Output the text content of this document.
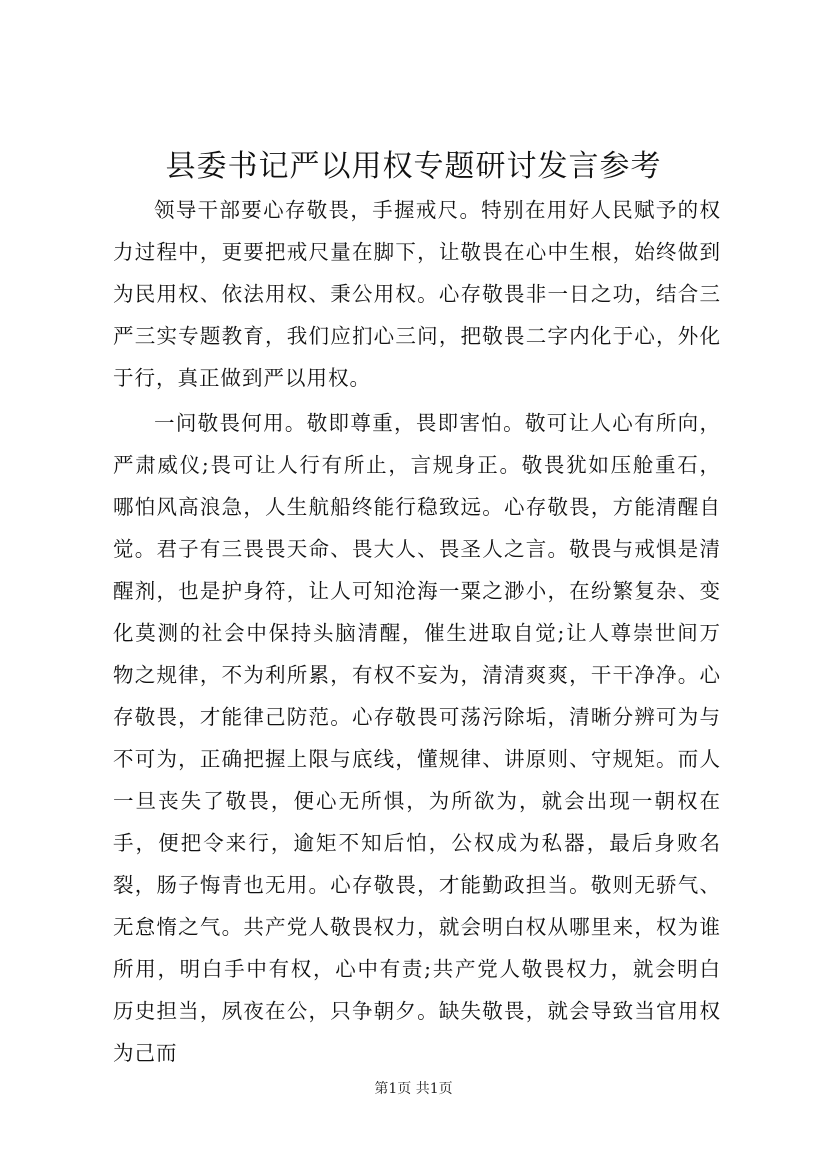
县委书记严以用权专题研讨发言参考

领导干部要心存敬畏，手握戒尺。特别在用好人民赋予的权力过程中，更要把戒尺量在脚下，让敬畏在心中生根，始终做到为民用权、依法用权、秉公用权。心存敬畏非一日之功，结合三严三实专题教育，我们应扪心三问，把敬畏二字内化于心，外化于行，真正做到严以用权。

一问敬畏何用。敬即尊重，畏即害怕。敬可让人心有所向，严肃威仪;畏可让人行有所止，言规身正。敬畏犹如压舱重石，哪怕风高浪急，人生航船终能行稳致远。心存敬畏，方能清醒自觉。君子有三畏畏天命、畏大人、畏圣人之言。敬畏与戒惧是清醒剂，也是护身符，让人可知沧海一粟之渺小，在纷繁复杂、变化莫测的社会中保持头脑清醒，催生进取自觉;让人尊崇世间万物之规律，不为利所累，有权不妄为，清清爽爽，干干净净。心存敬畏，才能律己防范。心存敬畏可荡污除垢，清晰分辨可为与不可为，正确把握上限与底线，懂规律、讲原则、守规矩。而人一旦丧失了敬畏，便心无所惧，为所欲为，就会出现一朝权在手，便把令来行，逾矩不知后怕，公权成为私器，最后身败名裂，肠子悔青也无用。心存敬畏，才能勤政担当。敬则无骄气、无怠惰之气。共产党人敬畏权力，就会明白权从哪里来，权为谁所用，明白手中有权，心中有责;共产党人敬畏权力，就会明白历史担当，夙夜在公，只争朝夕。缺失敬畏，就会导致当官用权为己而

第1页 共1页
